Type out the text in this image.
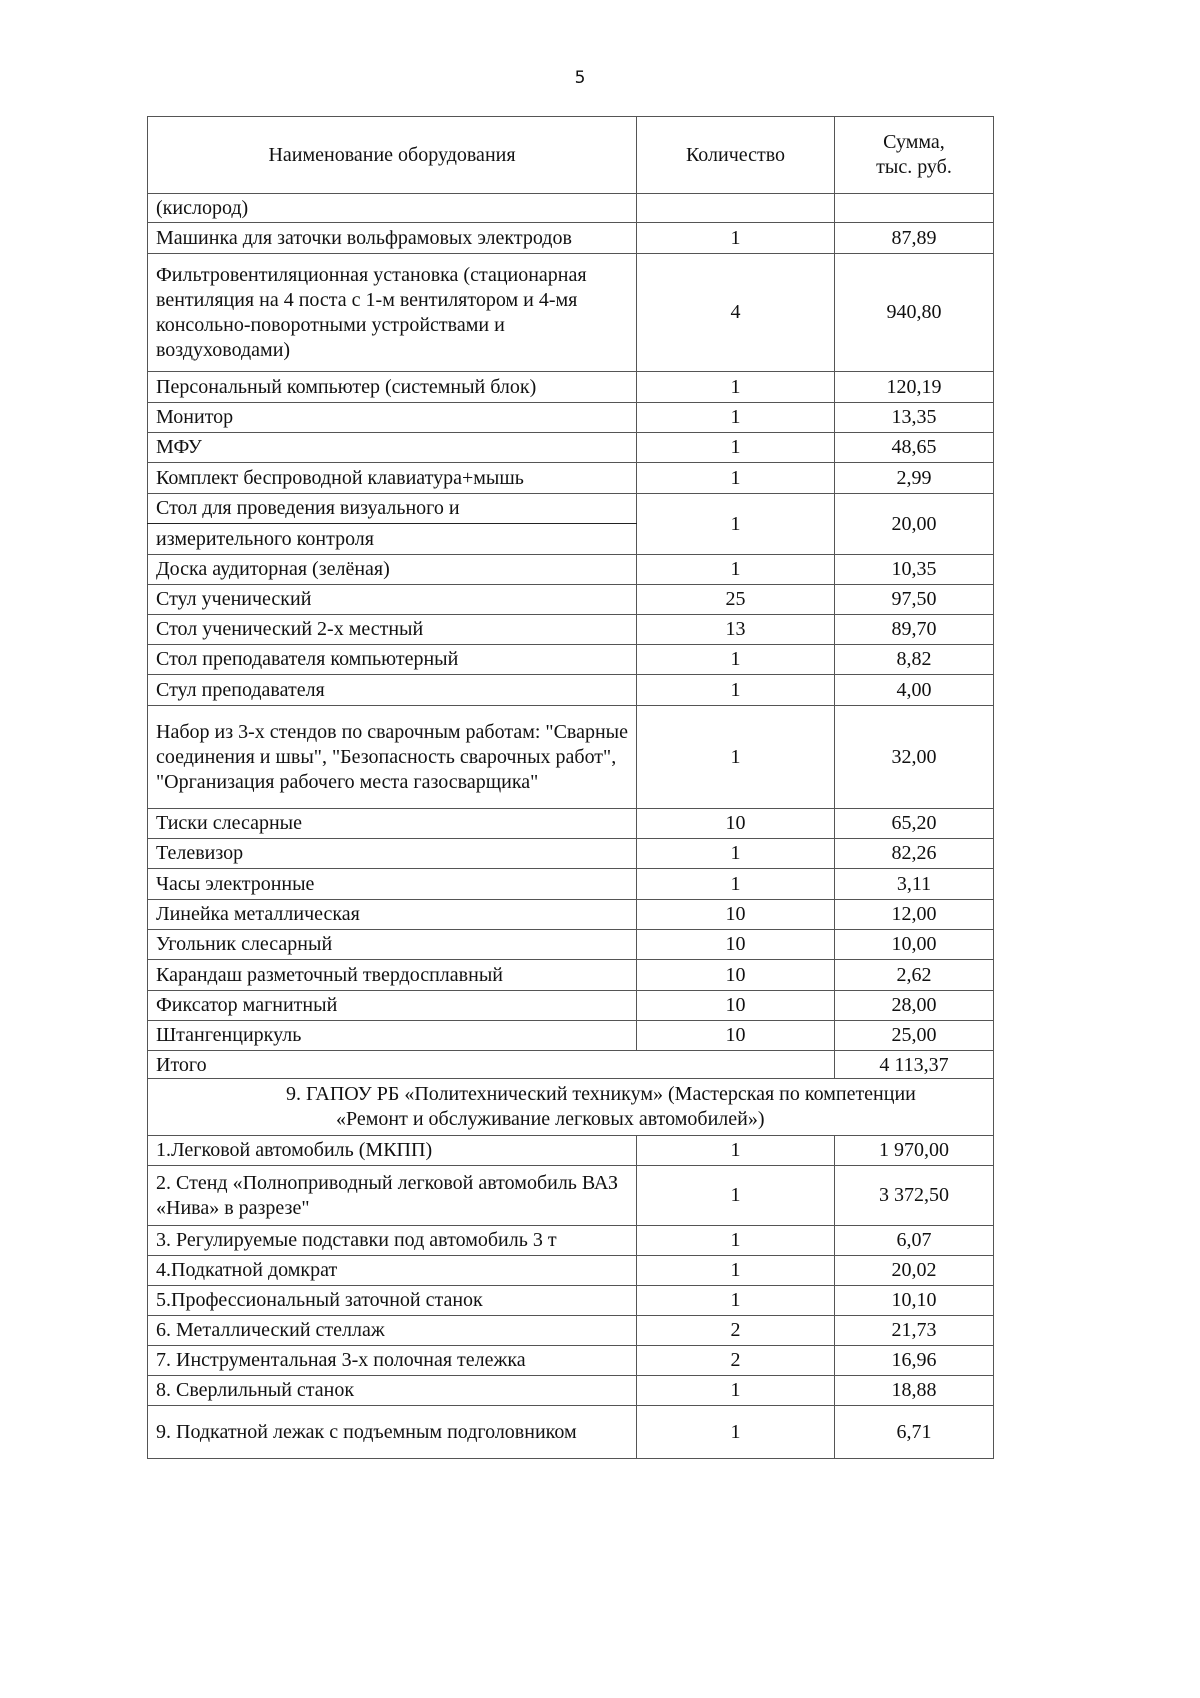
5
Наименование оборудования	Количество	Сумма,
тыс. руб.
(кислород)		
Машинка для заточки вольфрамовых электродов	1	87,89
Фильтровентиляционная установка (стационарная вентиляция на 4 поста с 1-м вентилятором и 4-мя консольно-поворотными устройствами и воздуховодами)	4	940,80
Персональный компьютер (системный блок)	1	120,19
Монитор	1	13,35
МФУ	1	48,65
Комплект беспроводной клавиатура+мышь	1	2,99
Стол для проведения визуального и	1	20,00
измерительного контроля		
Доска аудиторная (зелёная)	1	10,35
Стул ученический	25	97,50
Стол ученический 2-х местный	13	89,70
Стол преподавателя компьютерный	1	8,82
Стул преподавателя	1	4,00
Набор из 3-х стендов по сварочным работам: "Сварные соединения и швы", "Безопасность сварочных работ", "Организация рабочего места газосварщика"	1	32,00
Тиски слесарные	10	65,20
Телевизор	1	82,26
Часы электронные	1	3,11
Линейка металлическая	10	12,00
Угольник слесарный	10	10,00
Карандаш разметочный твердосплавный	10	2,62
Фиксатор магнитный	10	28,00
Штангенциркуль	10	25,00
Итого		4 113,37

9. ГАПОУ РБ «Политехнический техникум» (Мастерская по компетенции
«Ремонт и обслуживание легковых автомобилей»)		

1.Легковой автомобиль (МКПП)	1	1 970,00
2. Стенд «Полноприводный легковой автомобиль ВАЗ «Нива» в разрезе"	1	3 372,50
3. Регулируемые подставки под автомобиль 3 т	1	6,07
4.Подкатной домкрат	1	20,02
5.Профессиональный заточной станок	1	10,10
6. Металлический стеллаж	2	21,73
7. Инструментальная 3-х полочная тележка	2	16,96
8. Сверлильный станок	1	18,88
9. Подкатной лежак с подъемным подголовником	1	6,71
